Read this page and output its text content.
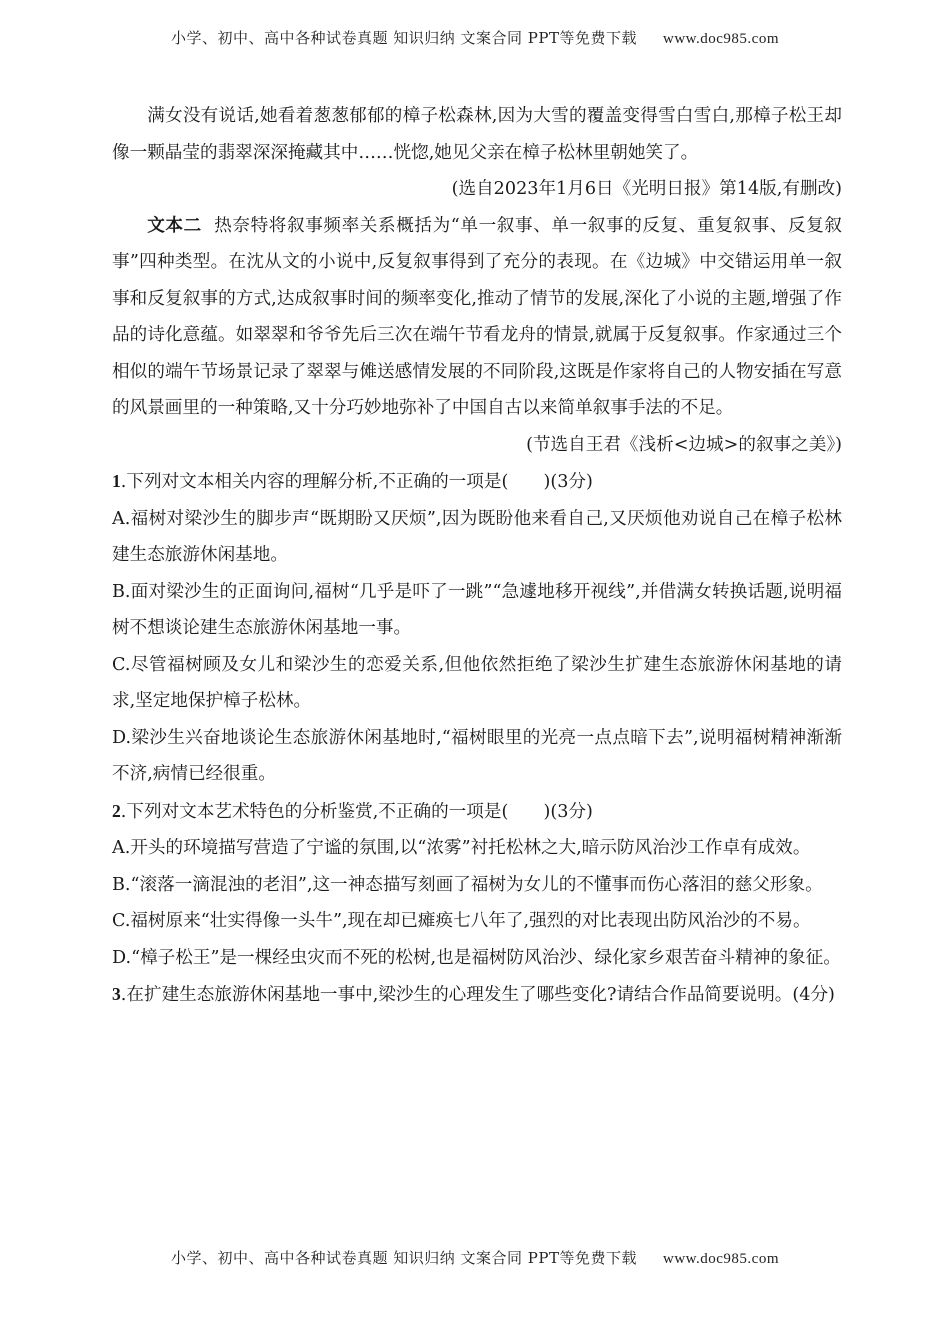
小学、初中、高中各种试卷真题 知识归纳 文案合同 PPT等免费下载 www.doc985.com

满女没有说话,她看着葱葱郁郁的樟子松森林,因为大雪的覆盖变得雪白雪白,那樟子松王却像一颗晶莹的翡翠深深掩藏其中……恍惚,她见父亲在樟子松林里朝她笑了。

(选自2023年1月6日《光明日报》第14版,有删改)

文本二 热奈特将叙事频率关系概括为“单一叙事、单一叙事的反复、重复叙事、反复叙事”四种类型。在沈从文的小说中,反复叙事得到了充分的表现。在《边城》中交错运用单一叙事和反复叙事的方式,达成叙事时间的频率变化,推动了情节的发展,深化了小说的主题,增强了作品的诗化意蕴。如翠翠和爷爷先后三次在端午节看龙舟的情景,就属于反复叙事。作家通过三个相似的端午节场景记录了翠翠与傩送感情发展的不同阶段,这既是作家将自己的人物安插在写意的风景画里的一种策略,又十分巧妙地弥补了中国自古以来简单叙事手法的不足。

(节选自王君《浅析<边城>的叙事之美》)

1.下列对文本相关内容的理解分析,不正确的一项是(　　)(3分)

A.福树对梁沙生的脚步声“既期盼又厌烦”,因为既盼他来看自己,又厌烦他劝说自己在樟子松林建生态旅游休闲基地。

B.面对梁沙生的正面询问,福树“几乎是吓了一跳”“急遽地移开视线”,并借满女转换话题,说明福树不想谈论建生态旅游休闲基地一事。

C.尽管福树顾及女儿和梁沙生的恋爱关系,但他依然拒绝了梁沙生扩建生态旅游休闲基地的请求,坚定地保护樟子松林。

D.梁沙生兴奋地谈论生态旅游休闲基地时,“福树眼里的光亮一点点暗下去”,说明福树精神渐渐不济,病情已经很重。

2.下列对文本艺术特色的分析鉴赏,不正确的一项是(　　)(3分)

A.开头的环境描写营造了宁谧的氛围,以“浓雾”衬托松林之大,暗示防风治沙工作卓有成效。

B.“滚落一滴混浊的老泪”,这一神态描写刻画了福树为女儿的不懂事而伤心落泪的慈父形象。

C.福树原来“壮实得像一头牛”,现在却已瘫痪七八年了,强烈的对比表现出防风治沙的不易。

D.“樟子松王”是一棵经虫灾而不死的松树,也是福树防风治沙、绿化家乡艰苦奋斗精神的象征。

3.在扩建生态旅游休闲基地一事中,梁沙生的心理发生了哪些变化?请结合作品简要说明。(4分)

小学、初中、高中各种试卷真题 知识归纳 文案合同 PPT等免费下载 www.doc985.com
